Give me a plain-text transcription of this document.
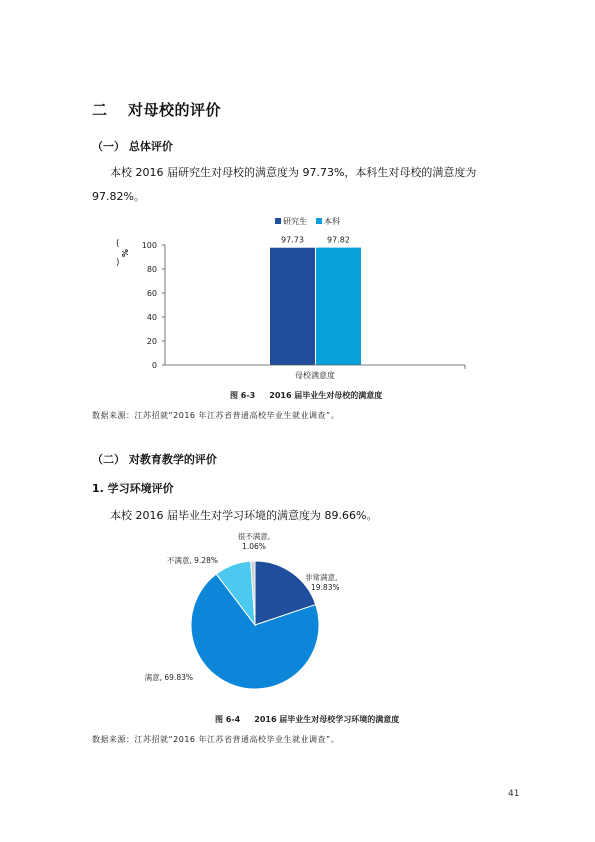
二 对母校的评价
（一） 总体评价
本校 2016 届研究生对母校的满意度为 97.73%，本科生对母校的满意度为
97.82%。
研究生 本科
0
20
40
60
80
100
%
(
)
97.73	97.82
母校满意度
图 6-3 2016 届毕业生对母校的满意度
数据来源：江苏招就“2016 年江苏省普通高校毕业生就业调查”。
（二） 对教育教学的评价
1. 学习环境评价
本校 2016 届毕业生对学习环境的满意度为 89.66%。
非常满意,
19.83%
满意, 69.83%
不满意, 9.28%
很不满意,
1.06%
图 6-4 2016 届毕业生对母校学习环境的满意度
数据来源：江苏招就“2016 年江苏省普通高校毕业生就业调查”。
41
